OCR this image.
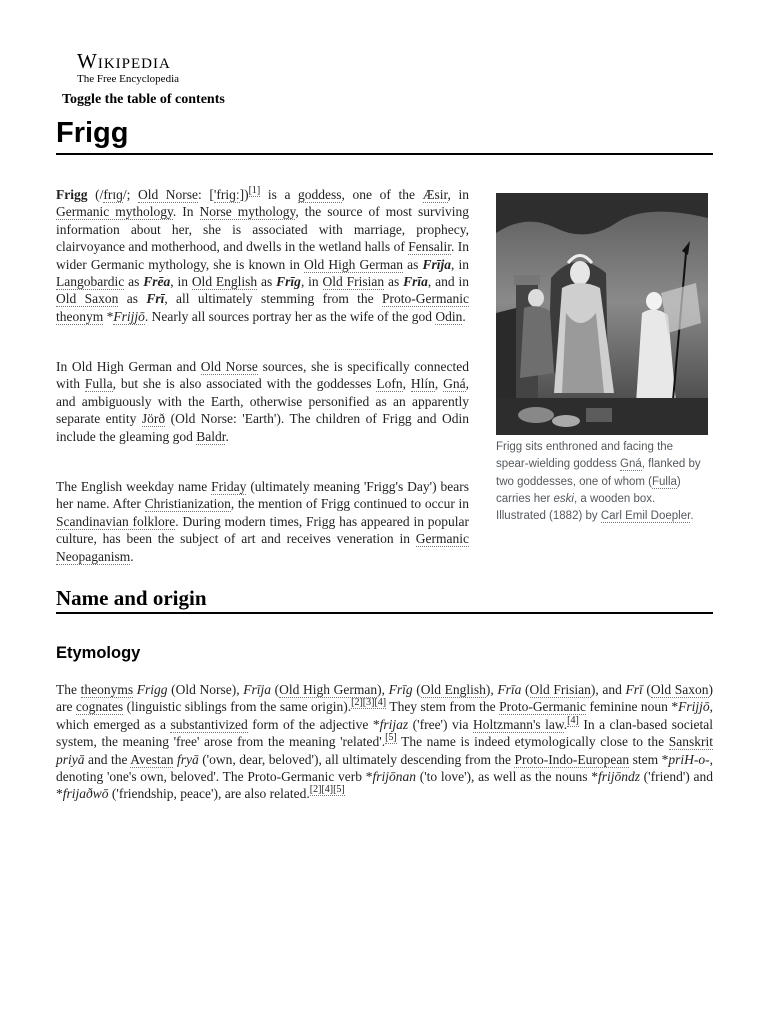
Wikipedia
The Free Encyclopedia
Toggle the table of contents
Frigg

Frigg (/frɪɡ/; Old Norse: ['friɡː])[1] is a goddess, one of the Æsir, in Germanic mythology. In Norse mythology, the source of most surviving information about her, she is associated with marriage, prophecy, clairvoyance and motherhood, and dwells in the wetland halls of Fensalir. In wider Germanic mythology, she is known in Old High German as Frīja, in Langobardic as Frēa, in Old English as Frīg, in Old Frisian as Frīa, and in Old Saxon as Frī, all ultimately stemming from the Proto-Germanic theonym *Frijjō. Nearly all sources portray her as the wife of the god Odin.

In Old High German and Old Norse sources, she is specifically connected with Fulla, but she is also associated with the goddesses Lofn, Hlín, Gná, and ambiguously with the Earth, otherwise personified as an apparently separate entity Jörð (Old Norse: 'Earth'). The children of Frigg and Odin include the gleaming god Baldr.

The English weekday name Friday (ultimately meaning 'Frigg's Day') bears her name. After Christianization, the mention of Frigg continued to occur in Scandinavian folklore. During modern times, Frigg has appeared in popular culture, has been the subject of art and receives veneration in Germanic Neopaganism.

Frigg sits enthroned and facing the spear-wielding goddess Gná, flanked by two goddesses, one of whom (Fulla) carries her eski, a wooden box. Illustrated (1882) by Carl Emil Doepler.
Name and origin
Etymology

The theonyms Frigg (Old Norse), Frīja (Old High German), Frīg (Old English), Frīa (Old Frisian), and Frī (Old Saxon) are cognates (linguistic siblings from the same origin).[2][3][4] They stem from the Proto-Germanic feminine noun *Frijjō, which emerged as a substantivized form of the adjective *frijaz ('free') via Holtzmann's law.[4] In a clan-based societal system, the meaning 'free' arose from the meaning 'related'.[5] The name is indeed etymologically close to the Sanskrit priyā and the Avestan fryā ('own, dear, beloved'), all ultimately descending from the Proto-Indo-European stem *priH-o-, denoting 'one's own, beloved'. The Proto-Germanic verb *frijōnan ('to love'), as well as the nouns *frijōndz ('friend') and *frijaðwō ('friendship, peace'), are also related.[2][4][5]
